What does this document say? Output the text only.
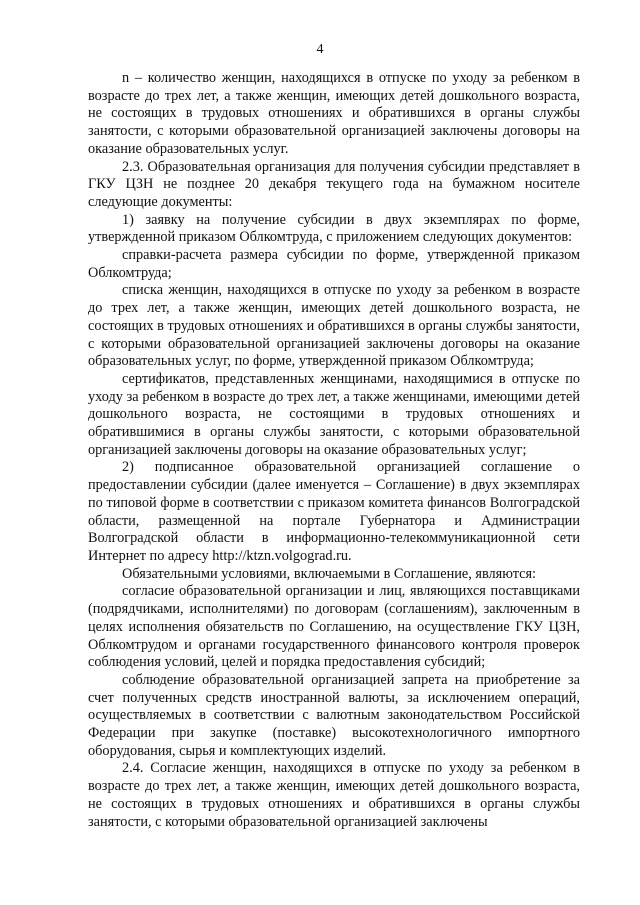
4

n – количество женщин, находящихся в отпуске по уходу за ребенком в возрасте до трех лет, а также женщин, имеющих детей дошкольного возраста, не состоящих в трудовых отношениях и обратившихся в органы службы занятости, с которыми образовательной организацией заключены договоры на оказание образовательных услуг.

2.3. Образовательная организация для получения субсидии представляет в ГКУ ЦЗН не позднее 20 декабря текущего года на бумажном носителе следующие документы:

1) заявку на получение субсидии в двух экземплярах по форме, утвержденной приказом Облкомтруда, с приложением следующих документов:

справки-расчета размера субсидии по форме, утвержденной приказом Облкомтруда;

списка женщин, находящихся в отпуске по уходу за ребенком в возрасте до трех лет, а также женщин, имеющих детей дошкольного возраста, не состоящих в трудовых отношениях и обратившихся в органы службы занятости, с которыми образовательной организацией заключены договоры на оказание образовательных услуг, по форме, утвержденной приказом Облкомтруда;

сертификатов, представленных женщинами, находящимися в отпуске по уходу за ребенком в возрасте до трех лет, а также женщинами, имеющими детей дошкольного возраста, не состоящими в трудовых отношениях и обратившимися в органы службы занятости, с которыми образовательной организацией заключены договоры на оказание образовательных услуг;

2) подписанное образовательной организацией соглашение о предоставлении субсидии (далее именуется – Соглашение) в двух экземплярах по типовой форме в соответствии с приказом комитета финансов Волгоградской области, размещенной на портале Губернатора и Администрации Волгоградской области в информационно-телекоммуникационной сети Интернет по адресу http://ktzn.volgograd.ru.

Обязательными условиями, включаемыми в Соглашение, являются:

согласие образовательной организации и лиц, являющихся поставщиками (подрядчиками, исполнителями) по договорам (соглашениям), заключенным в целях исполнения обязательств по Соглашению, на осуществление ГКУ ЦЗН, Облкомтрудом и органами государственного финансового контроля проверок соблюдения условий, целей и порядка предоставления субсидий;

соблюдение образовательной организацией запрета на приобретение за счет полученных средств иностранной валюты, за исключением операций, осуществляемых в соответствии с валютным законодательством Российской Федерации при закупке (поставке) высокотехнологичного импортного оборудования, сырья и комплектующих изделий.

2.4. Согласие женщин, находящихся в отпуске по уходу за ребенком в возрасте до трех лет, а также женщин, имеющих детей дошкольного возраста, не состоящих в трудовых отношениях и обратившихся в органы службы занятости, с которыми образовательной организацией заключены
